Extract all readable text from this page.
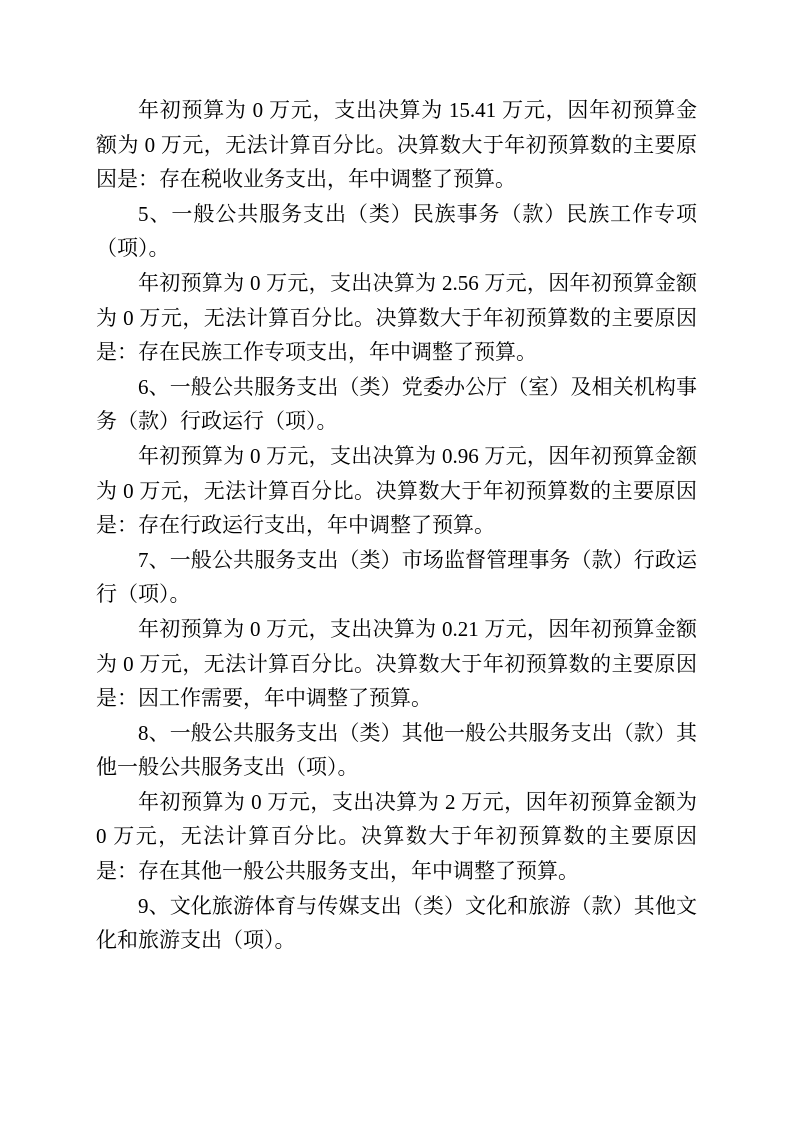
年初预算为 0 万元，支出决算为 15.41 万元，因年初预算金额为 0 万元，无法计算百分比。决算数大于年初预算数的主要原因是：存在税收业务支出，年中调整了预算。

5、一般公共服务支出（类）民族事务（款）民族工作专项（项）。

年初预算为 0 万元，支出决算为 2.56 万元，因年初预算金额为 0 万元，无法计算百分比。决算数大于年初预算数的主要原因是：存在民族工作专项支出，年中调整了预算。

6、一般公共服务支出（类）党委办公厅（室）及相关机构事务（款）行政运行（项）。

年初预算为 0 万元，支出决算为 0.96 万元，因年初预算金额为 0 万元，无法计算百分比。决算数大于年初预算数的主要原因是：存在行政运行支出，年中调整了预算。

7、一般公共服务支出（类）市场监督管理事务（款）行政运行（项）。

年初预算为 0 万元，支出决算为 0.21 万元，因年初预算金额为 0 万元，无法计算百分比。决算数大于年初预算数的主要原因是：因工作需要，年中调整了预算。

8、一般公共服务支出（类）其他一般公共服务支出（款）其他一般公共服务支出（项）。

年初预算为 0 万元，支出决算为 2 万元，因年初预算金额为 0 万元，无法计算百分比。决算数大于年初预算数的主要原因是：存在其他一般公共服务支出，年中调整了预算。

9、文化旅游体育与传媒支出（类）文化和旅游（款）其他文化和旅游支出（项）。
